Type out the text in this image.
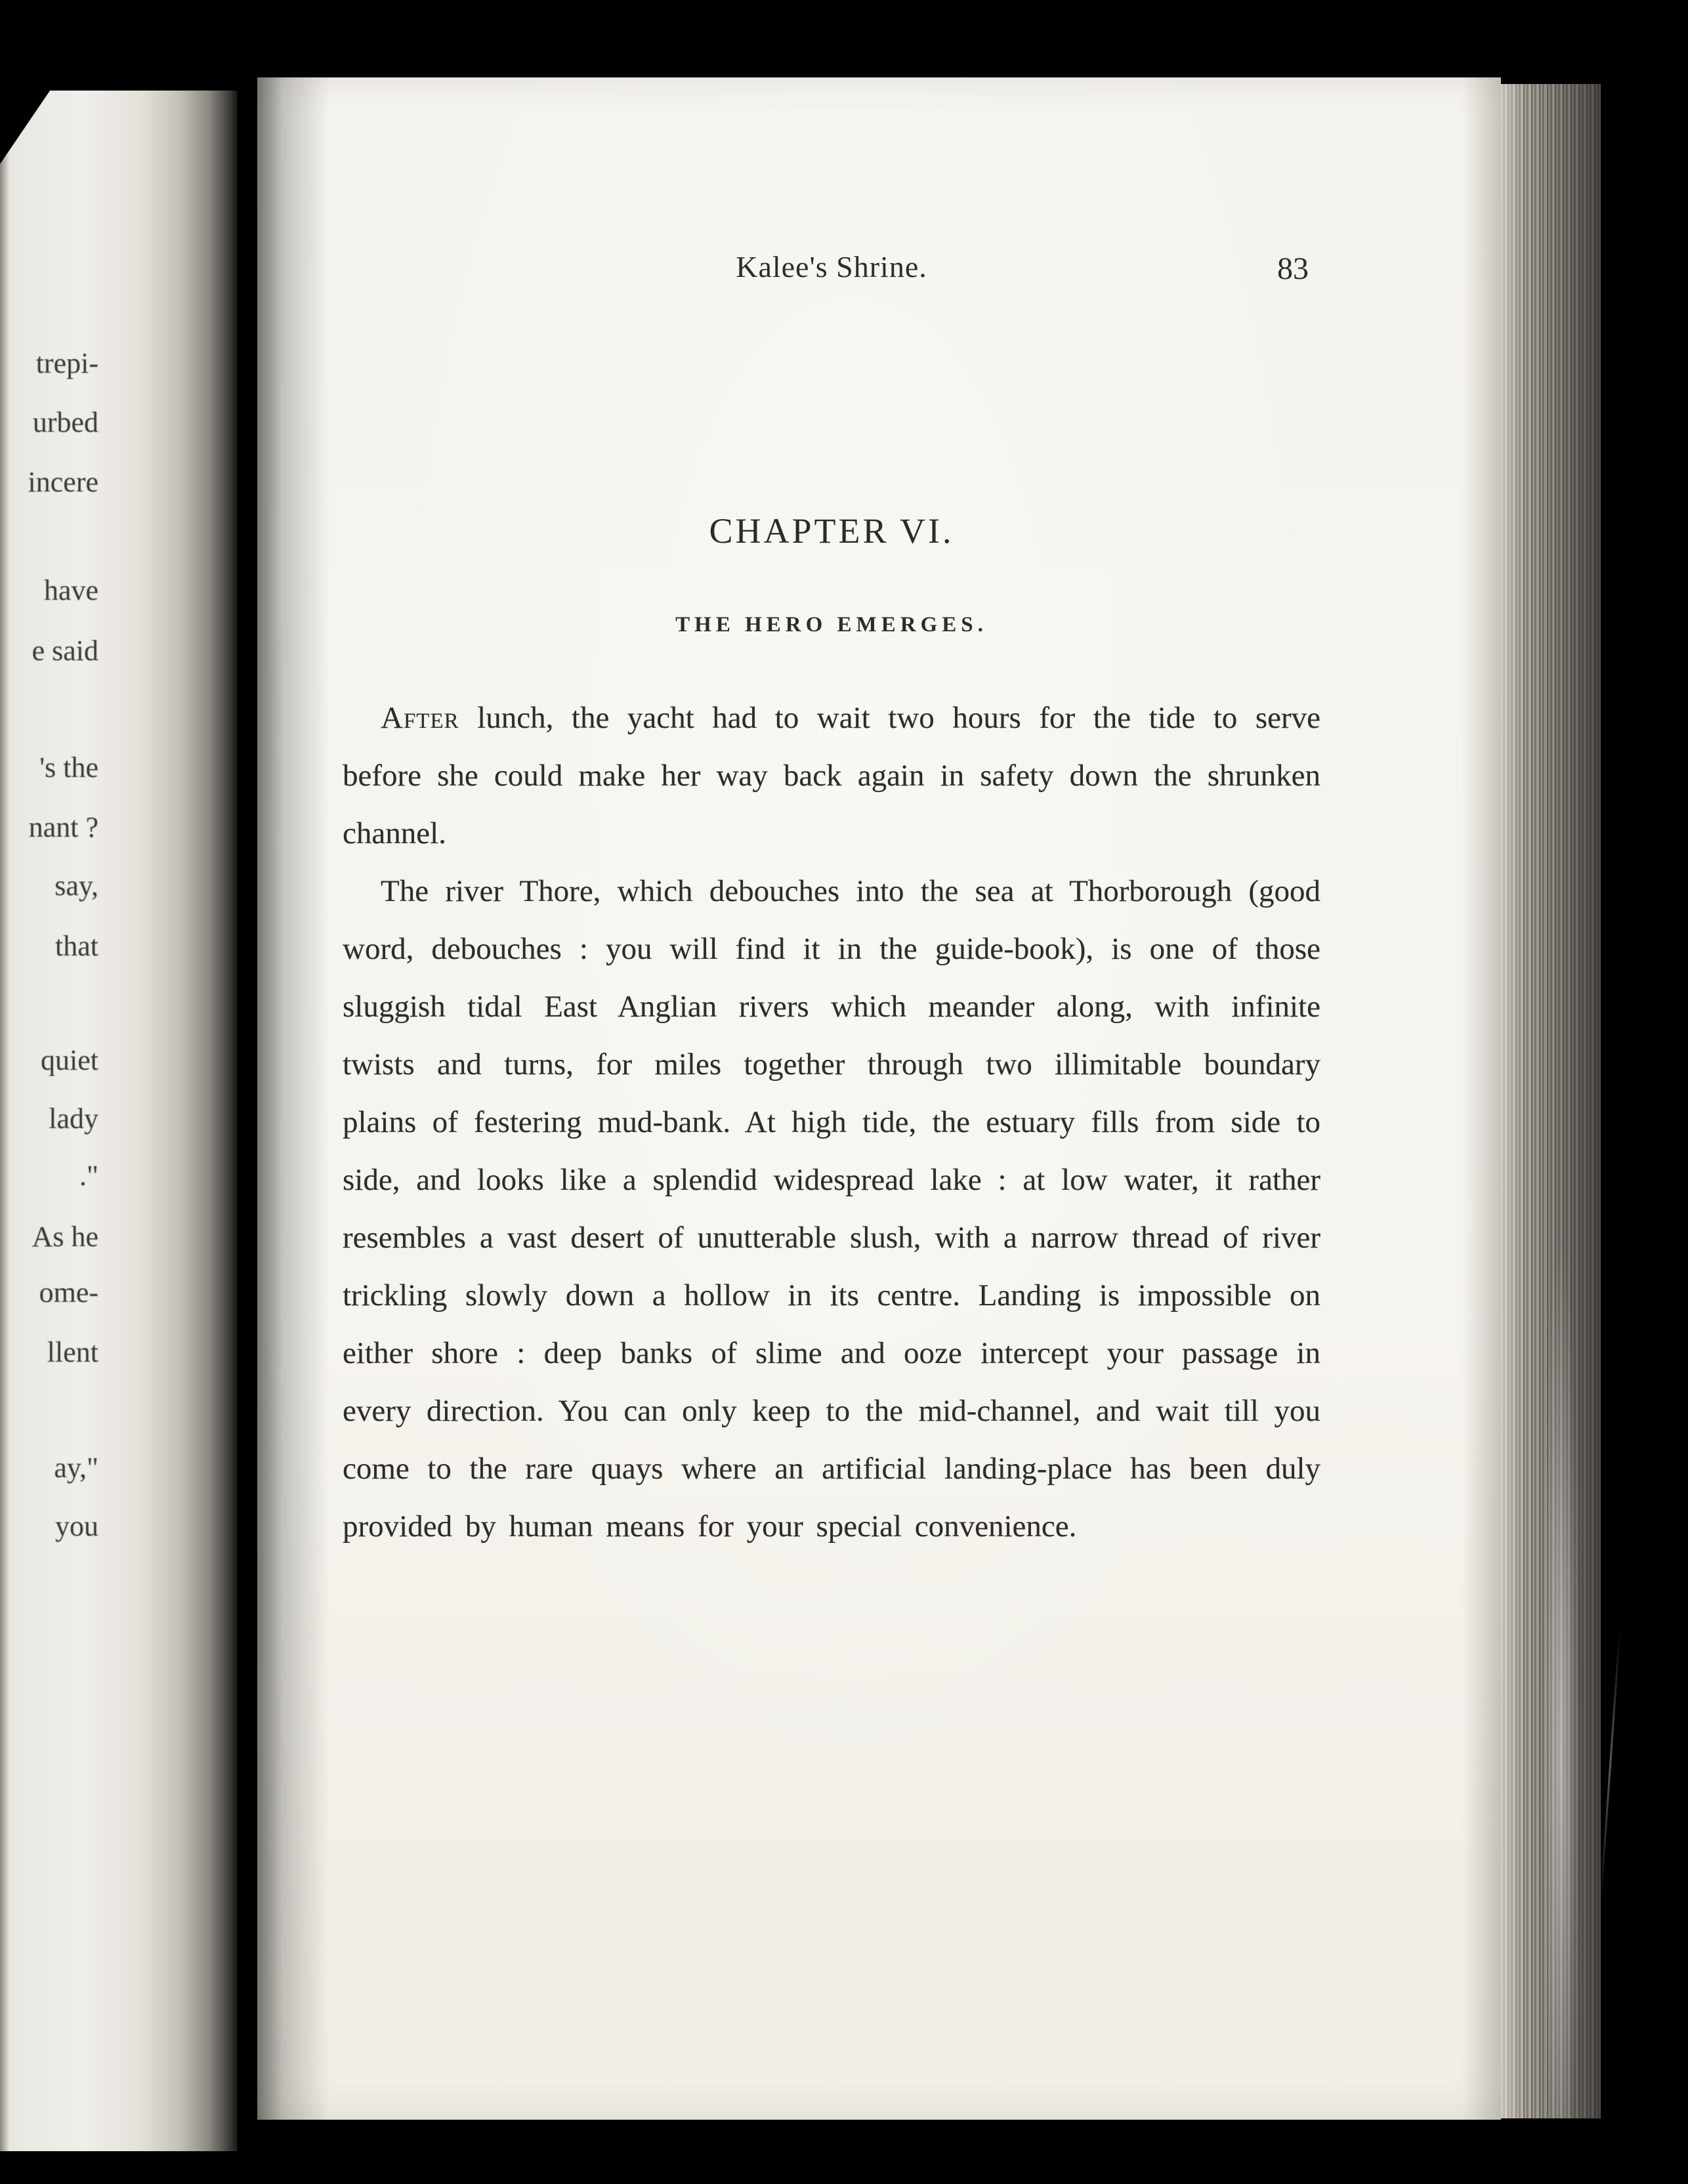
trepi-
urbed
incere
have
e said
's the
nant ?
say,
that
quiet
lady
."
As he
ome-
llent
ay,"
you
Kalee's Shrine.	83
CHAPTER VI.
THE HERO EMERGES.

After lunch, the yacht had to wait two hours for the tide to serve before she could make her way back again in safety down the shrunken channel.

The river Thore, which debouches into the sea at Thorborough (good word, debouches : you will find it in the guide-book), is one of those sluggish tidal East Anglian rivers which meander along, with infinite twists and turns, for miles together through two illimitable boundary plains of festering mud-bank. At high tide, the estuary fills from side to side, and looks like a splendid widespread lake : at low water, it rather resembles a vast desert of unutterable slush, with a narrow thread of river trickling slowly down a hollow in its centre. Landing is impossible on either shore : deep banks of slime and ooze intercept your passage in every direction. You can only keep to the mid-channel, and wait till you come to the rare quays where an artificial landing-place has been duly provided by human means for your special convenience.
